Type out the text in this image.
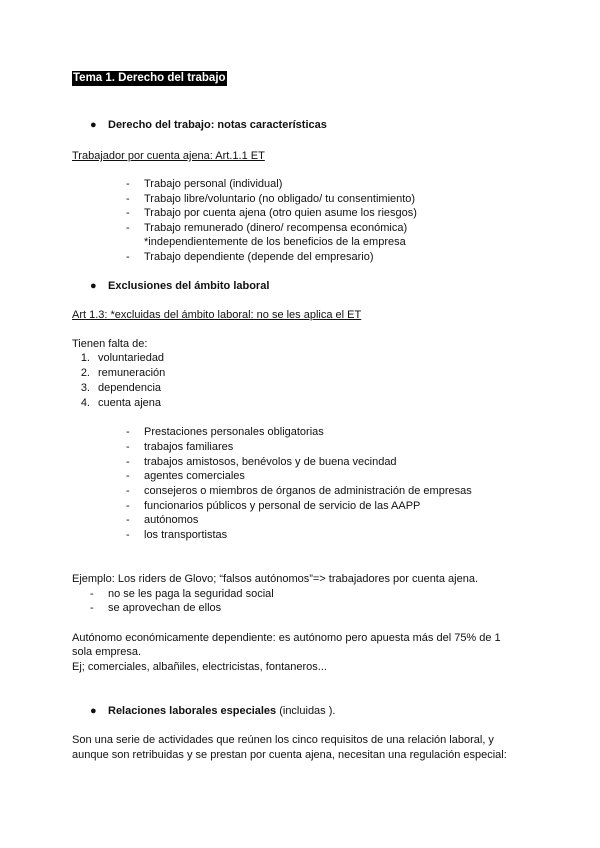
Tema 1. Derecho del trabajo
● Derecho del trabajo: notas características
Trabajador por cuenta ajena: Art.1.1 ET
- Trabajo personal (individual)
- Trabajo libre/voluntario (no obligado/ tu consentimiento)
- Trabajo por cuenta ajena (otro quien asume los riesgos)
- Trabajo remunerado (dinero/ recompensa económica)
*independientemente de los beneficios de la empresa
- Trabajo dependiente (depende del empresario)
● Exclusiones del ámbito laboral
Art 1.3: *excluidas del ámbito laboral: no se les aplica el ET
Tienen falta de:
1. voluntariedad
2. remuneración
3. dependencia
4. cuenta ajena
- Prestaciones personales obligatorias
- trabajos familiares
- trabajos amistosos, benévolos y de buena vecindad
- agentes comerciales
- consejeros o miembros de órganos de administración de empresas
- funcionarios públicos y personal de servicio de las AAPP
- autónomos
- los transportistas
Ejemplo: Los riders de Glovo; “falsos autónomos”=> trabajadores por cuenta ajena.
- no se les paga la seguridad social
- se aprovechan de ellos
Autónomo económicamente dependiente: es autónomo pero apuesta más del 75% de 1
sola empresa.
Ej; comerciales, albañiles, electricistas, fontaneros...
● Relaciones laborales especiales (incluidas ).
Son una serie de actividades que reúnen los cinco requisitos de una relación laboral, y
aunque son retribuidas y se prestan por cuenta ajena, necesitan una regulación especial:
